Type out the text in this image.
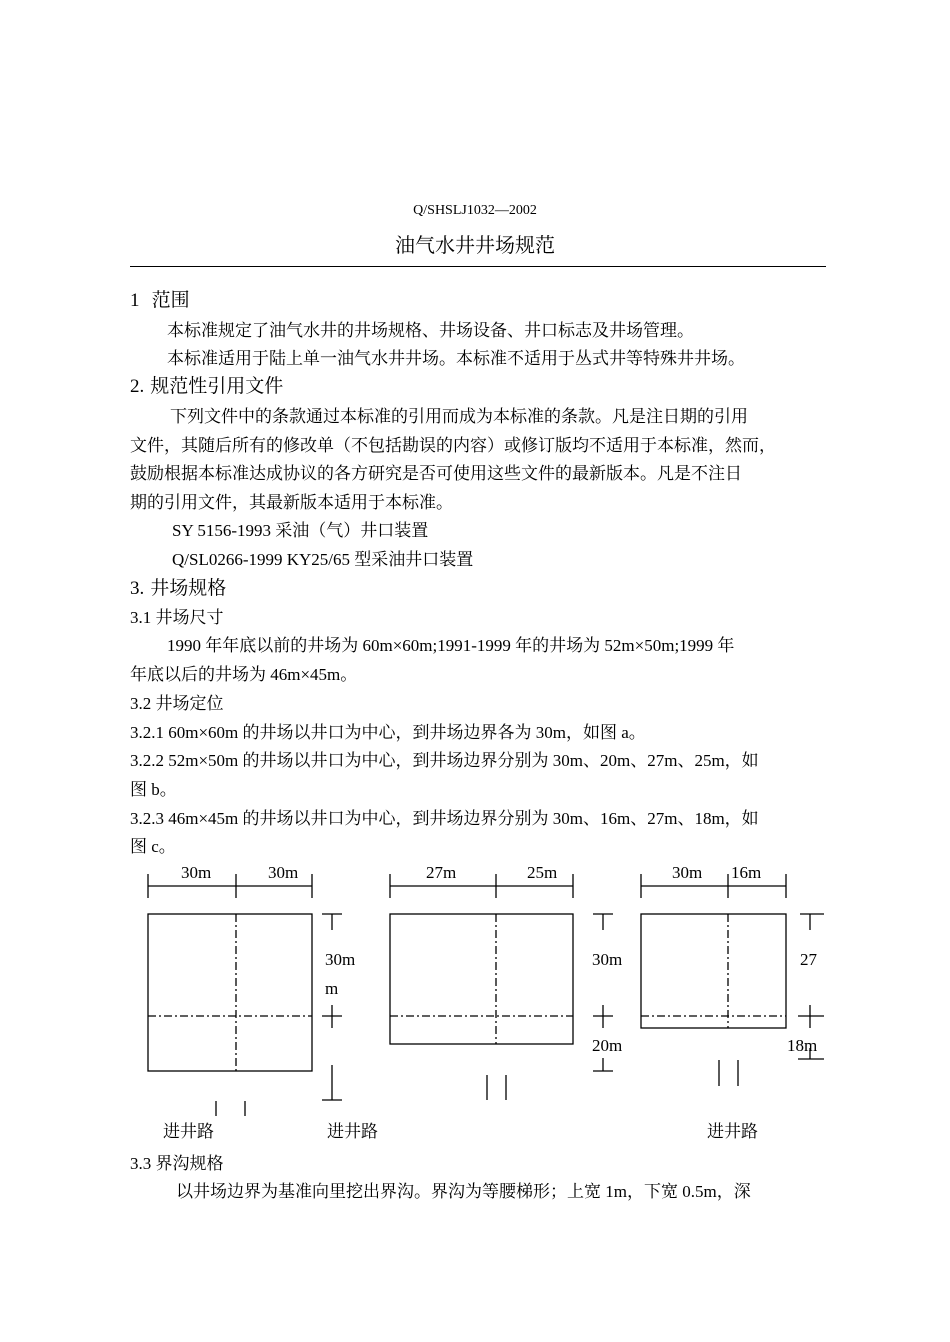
Q/SHSLJ1032—2002
油气水井井场规范
1 范围
本标准规定了油气水井的井场规格、井场设备、井口标志及井场管理。
本标准适用于陆上单一油气水井井场。本标准不适用于丛式井等特殊井井场。
2. 规范性引用文件
下列文件中的条款通过本标准的引用而成为本标准的条款。凡是注日期的引用
文件，其随后所有的修改单（不包括勘误的内容）或修订版均不适用于本标准，然而，
鼓励根据本标准达成协议的各方研究是否可使用这些文件的最新版本。凡是不注日
期的引用文件，其最新版本适用于本标准。
SY 5156-1993 采油（气）井口装置
Q/SL0266-1999 KY25/65 型采油井口装置
3. 井场规格
3.1 井场尺寸
1990 年年底以前的井场为 60m×60m;1991-1999 年的井场为 52m×50m;1999 年
年底以后的井场为 46m×45m。
3.2 井场定位
3.2.1 60m×60m 的井场以井口为中心，到井场边界各为 30m，如图 a。
3.2.2 52m×50m 的井场以井口为中心，到井场边界分别为 30m、20m、27m、25m，如
图 b。
3.2.3 46m×45m 的井场以井口为中心，到井场边界分别为 30m、16m、27m、18m，如
图 c。
30m	30m
30m
m
进井路	进井路
27m	25m
30m
20m
30m 16m
27
18m
进井路
3.3 界沟规格
以井场边界为基准向里挖出界沟。界沟为等腰梯形；上宽 1m，下宽 0.5m，深
